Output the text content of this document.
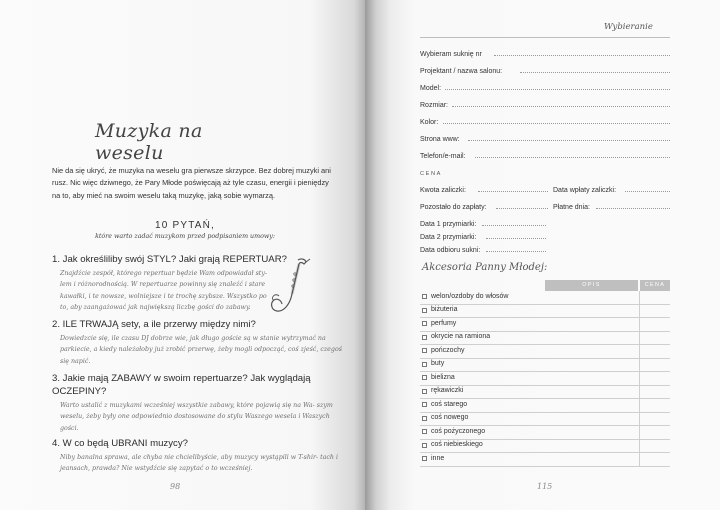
Muzyka na weselu
Nie da się ukryć, że muzyka na weselu gra pierwsze skrzypce. Bez dobrej muzyki ani rusz. Nic więc dziwnego, że Pary Młode poświęcają aż tyle czasu, energii i pieniędzy na to, aby mieć na swoim weselu taką muzykę, jaką sobie wymarzą.
10 PYTAŃ,
które warto zadać muzykom przed podpisaniem umowy:
1. Jak określiliby swój STYL? Jaki grają REPERTUAR?
Znajdźcie zespół, którego repertuar będzie Wam odpowiadał sty- lem i różnorodnością. W repertuarze powinny się znaleźć i stare kawałki, i te nowsze, wolniejsze i te trochę szybsze. Wszystko po to, aby zaangażować jak największą liczbę gości do zabawy.
2. ILE TRWAJĄ sety, a ile przerwy między nimi?
Dowiedzcie się, ile czasu DJ dobrze wie, jak długo goście są w stanie wytrzymać na parkiecie, a kiedy należałoby już zrobić przerwę, żeby mogli odpocząć, coś zjeść, czegoś się napić.
3. Jakie mają ZABAWY w swoim repertuarze? Jak wyglądają OCZEPINY?
Warto ustalić z muzykami wcześniej wszystkie zabawy, które pojawią się na Wa- szym weselu, żeby były one odpowiednio dostosowane do stylu Waszego wesela i Waszych gości.
4. W co będą UBRANI muzycy?
Niby banalna sprawa, ale chyba nie chcielibyście, aby muzycy wystąpili w T-shir- tach i jeansach, prawda? Nie wstydźcie się zapytać o to wcześniej.
98
Wybieranie
Wybieram suknię nr
Projektant / nazwa salonu:
Model:
Rozmiar:
Kolor:
Strona www:
Telefon/e-mail:
CENA
Kwota zaliczki:	Data wpłaty zaliczki:
Pozostało do zapłaty:	Płatne dnia:
Data 1 przymiarki:
Akcesoria Panny Młodej:
OPIS	CENA
welon/ozdoby do włosów
biżuteria
perfumy
okrycie na ramiona
pończochy
buty
bielizna
rękawiczki
coś starego
coś nowego
coś pożyczonego
coś niebieskiego
inne
115
Data 2 przymiarki:
Data odbioru sukni:
